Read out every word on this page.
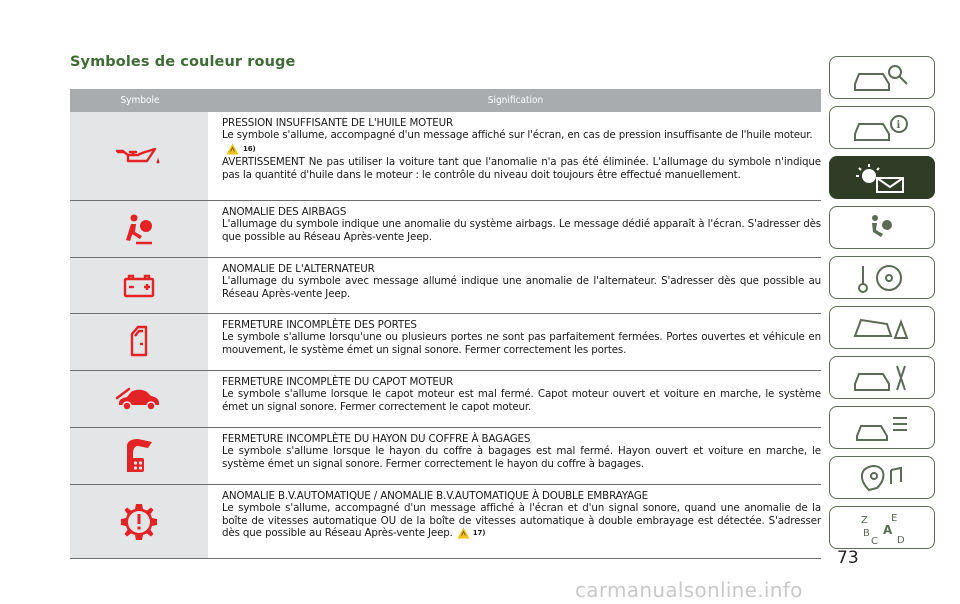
Symboles de couleur rouge
Symbole	Signification
PRESSION INSUFFISANTE DE L'HUILE MOTEUR

Le symbole s'allume, accompagné d'un message affiché sur l'écran, en cas de pression insuffisante de l'huile moteur.

16)

AVERTISSEMENT Ne pas utiliser la voiture tant que l'anomalie n'a pas été éliminée. L'allumage du symbole n'indique pas la quantité d'huile dans le moteur : le contrôle du niveau doit toujours être effectué manuellement.

ANOMALIE DES AIRBAGS

L'allumage du symbole indique une anomalie du système airbags. Le message dédié apparaît à l'écran. S'adresser dès que possible au Réseau Après-vente Jeep.

ANOMALIE DE L'ALTERNATEUR

L'allumage du symbole avec message allumé indique une anomalie de l'alternateur. S'adresser dès que possible au Réseau Après-vente Jeep.

FERMETURE INCOMPLÈTE DES PORTES

Le symbole s'allume lorsqu'une ou plusieurs portes ne sont pas parfaitement fermées. Portes ouvertes et véhicule en mouvement, le système émet un signal sonore. Fermer correctement les portes.

FERMETURE INCOMPLÈTE DU CAPOT MOTEUR

Le symbole s'allume lorsque le capot moteur est mal fermé. Capot moteur ouvert et voiture en marche, le système émet un signal sonore. Fermer correctement le capot moteur.

FERMETURE INCOMPLÈTE DU HAYON DU COFFRE À BAGAGES

Le symbole s'allume lorsque le hayon du coffre à bagages est mal fermé. Hayon ouvert et voiture en marche, le système émet un signal sonore. Fermer correctement le hayon du coffre à bagages.

ANOMALIE B.V.AUTOMATIQUE / ANOMALIE B.V.AUTOMATIQUE À DOUBLE EMBRAYAGE

Le symbole s'allume, accompagné d'un message affiché à l'écran et d'un signal sonore, quand une anomalie de la boîte de vitesses automatique OU de la boîte de vitesses automatique à double embrayage est détectée. S'adresser dès que possible au Réseau Après-vente Jeep.	17)

i
Z E
B A
C D
73
carmanualsonline.info
